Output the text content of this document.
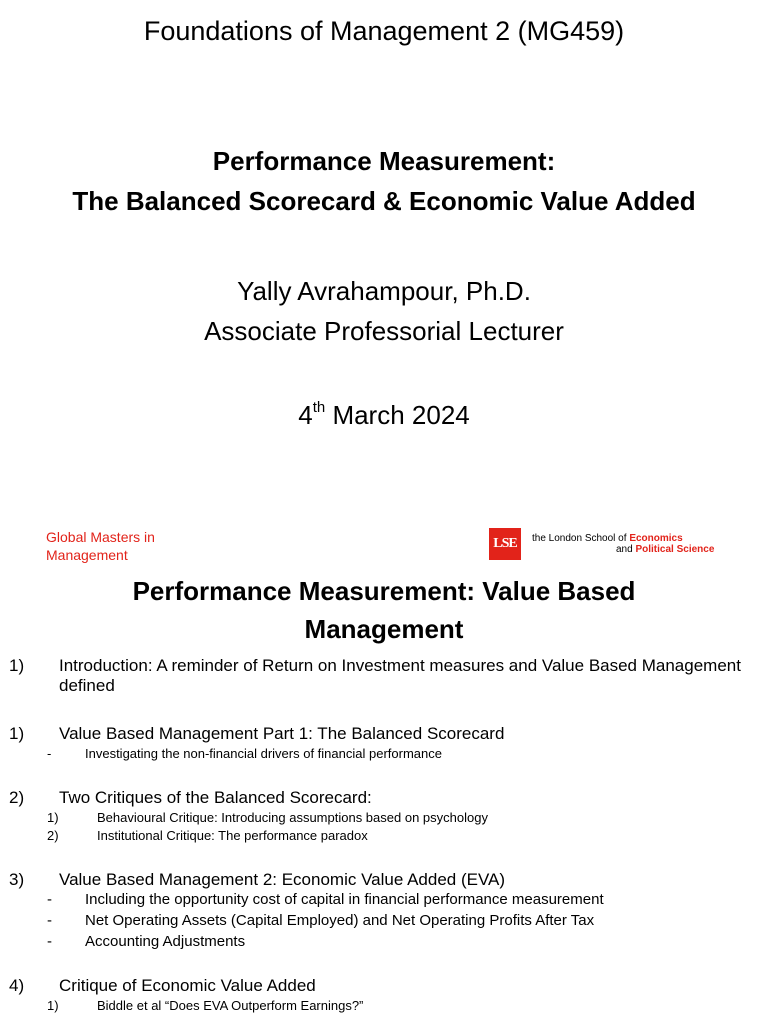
Foundations of Management 2 (MG459)
Performance Measurement:
The Balanced Scorecard & Economic Value Added
Yally Avrahampour, Ph.D.
Associate Professorial Lecturer
4th March 2024
Global Masters in
Management
LSE	the London School of Economics
and Political Science
Performance Measurement: Value Based
Management
1) Introduction: A reminder of Return on Investment measures and Value Based Management defined
1) Value Based Management Part 1: The Balanced Scorecard
-	Investigating the non-financial drivers of financial performance
2) Two Critiques of the Balanced Scorecard:
1)	Behavioural Critique: Introducing assumptions based on psychology
2)	Institutional Critique: The performance paradox
3) Value Based Management 2: Economic Value Added (EVA)
- Including the opportunity cost of capital in financial performance measurement
- Net Operating Assets (Capital Employed) and Net Operating Profits After Tax
- Accounting Adjustments
4) Critique of Economic Value Added
1)	Biddle et al “Does EVA Outperform Earnings?”
